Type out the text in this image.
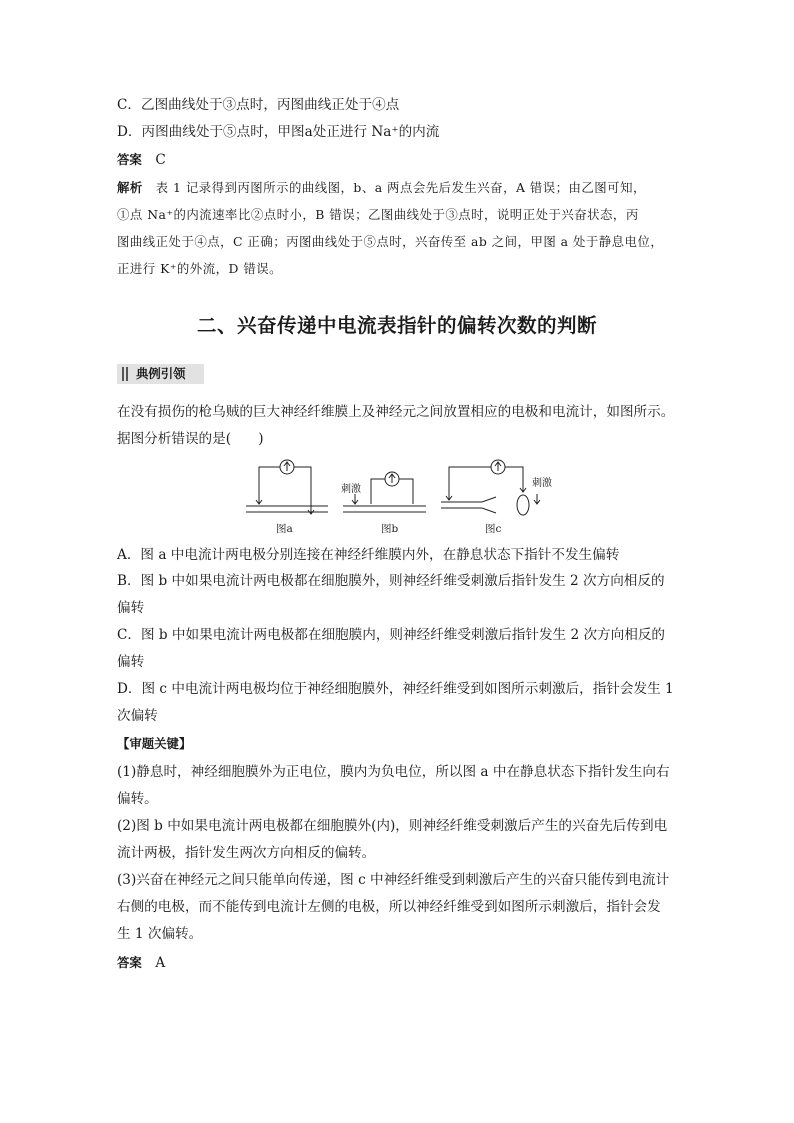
C．乙图曲线处于③点时，丙图曲线正处于④点
D．丙图曲线处于⑤点时，甲图a处正进行 Na⁺的内流
答案　 C
解析　 表 1 记录得到丙图所示的曲线图，b、a 两点会先后发生兴奋，A 错误；由乙图可知，
①点 Na⁺的内流速率比②点时小，B 错误；乙图曲线处于③点时，说明正处于兴奋状态，丙
图曲线正处于④点，C 正确；丙图曲线处于⑤点时，兴奋传至 ab 之间，甲图 a 处于静息电位，
正进行 K⁺的外流，D 错误。
二、兴奋传递中电流表指针的偏转次数的判断
典例引领
在没有损伤的枪乌贼的巨大神经纤维膜上及神经元之间放置相应的电极和电流计，如图所示。
据图分析错误的是(　　)
图a
刺激
图b
刺激
图c
A．图 a 中电流计两电极分别连接在神经纤维膜内外，在静息状态下指针不发生偏转
B．图 b 中如果电流计两电极都在细胞膜外，则神经纤维受刺激后指针发生 2 次方向相反的
偏转
C．图 b 中如果电流计两电极都在细胞膜内，则神经纤维受刺激后指针发生 2 次方向相反的
偏转
D．图 c 中电流计两电极均位于神经细胞膜外，神经纤维受到如图所示刺激后，指针会发生 1
次偏转
【审题关键】
(1)静息时，神经细胞膜外为正电位，膜内为负电位，所以图 a 中在静息状态下指针发生向右
偏转。
(2)图 b 中如果电流计两电极都在细胞膜外(内)，则神经纤维受刺激后产生的兴奋先后传到电
流计两极，指针发生两次方向相反的偏转。
(3)兴奋在神经元之间只能单向传递，图 c 中神经纤维受到刺激后产生的兴奋只能传到电流计
右侧的电极，而不能传到电流计左侧的电极，所以神经纤维受到如图所示刺激后，指针会发
生 1 次偏转。
答案　 A
